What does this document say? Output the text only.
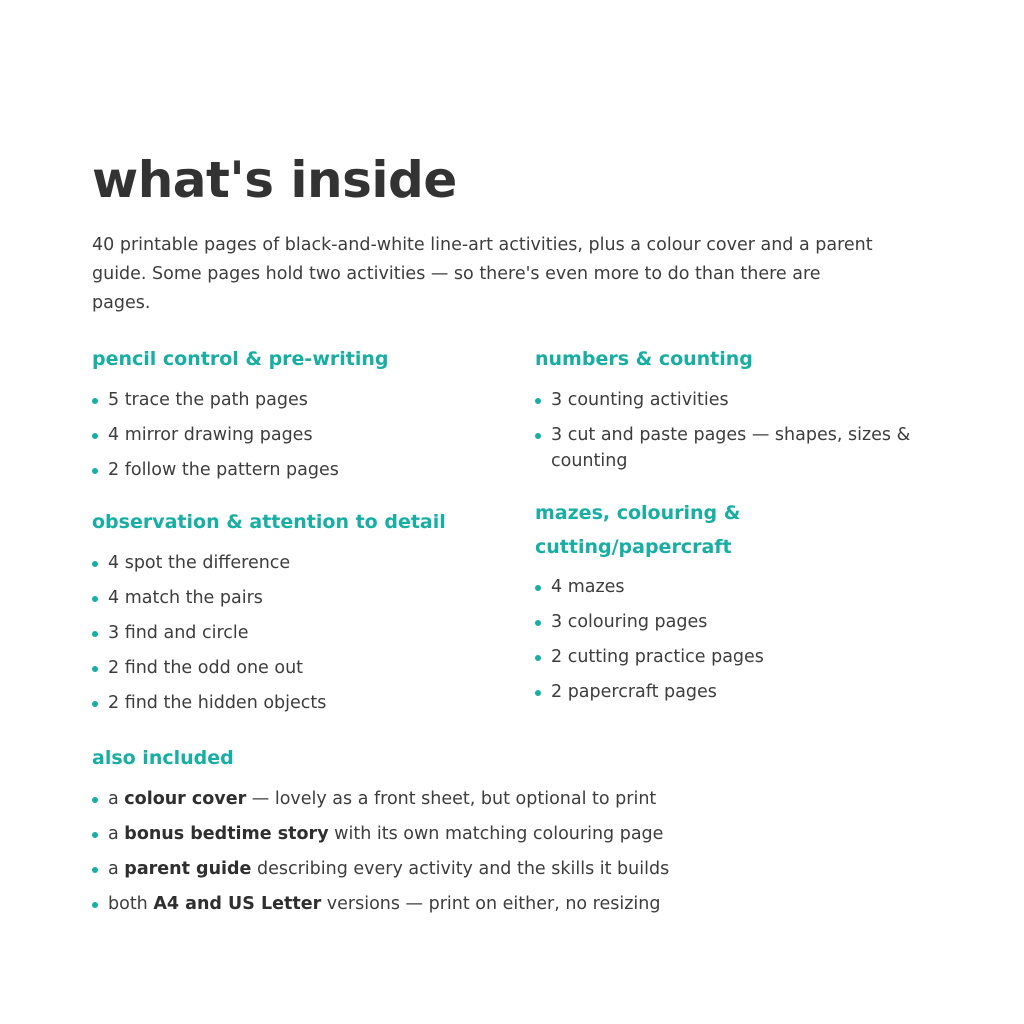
what's inside

40 printable pages of black-and-white line-art activities, plus a colour cover and a parent guide. Some pages hold two activities — so there's even more to do than there are pages.

pencil control & pre-writing
5 trace the path pages
4 mirror drawing pages
2 follow the pattern pages
observation & attention to detail
4 spot the difference
4 match the pairs
3 find and circle
2 find the odd one out
2 find the hidden objects
numbers & counting
3 counting activities
3 cut and paste pages — shapes, sizes & counting
mazes, colouring &
cutting/papercraft
4 mazes
3 colouring pages
2 cutting practice pages
2 papercraft pages
also included
a colour cover — lovely as a front sheet, but optional to print
a bonus bedtime story with its own matching colouring page
a parent guide describing every activity and the skills it builds
both A4 and US Letter versions — print on either, no resizing
